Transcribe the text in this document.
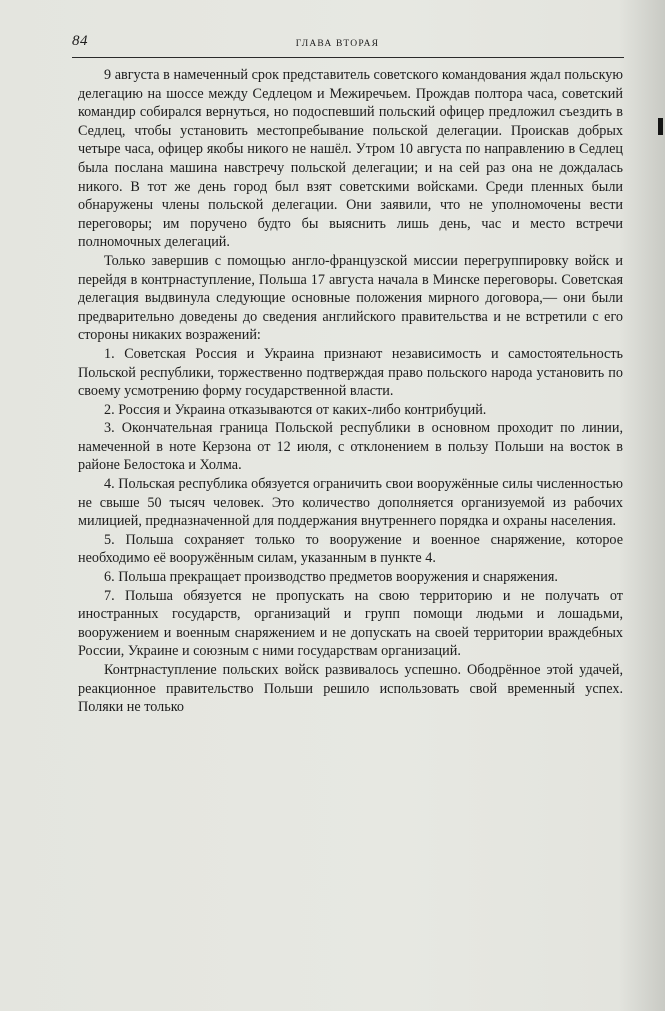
84	ГЛАВА ВТОРАЯ

9 августа в намеченный срок представитель советского командования ждал польскую делегацию на шоссе между Седлецом и Межиречьем. Прождав полтора часа, советский командир собирался вернуться, но подоспевший польский офицер предложил съездить в Седлец, чтобы установить местопребывание польской делегации. Проискав добрых четыре часа, офицер якобы никого не нашёл. Утром 10 августа по направлению в Седлец была послана машина навстречу польской делегации; и на сей раз она не дождалась никого. В тот же день город был взят советскими войсками. Среди пленных были обнаружены члены польской делегации. Они заявили, что не уполномочены вести переговоры; им поручено будто бы выяснить лишь день, час и место встречи полномочных делегаций.

Только завершив с помощью англо-французской миссии перегруппировку войск и перейдя в контрнаступление, Польша 17 августа начала в Минске переговоры. Советская делегация выдвинула следующие основные положения мирного договора,— они были предварительно доведены до сведения английского правительства и не встретили с его стороны никаких возражений:

1. Советская Россия и Украина признают независимость и самостоятельность Польской республики, торжественно подтверждая право польского народа установить по своему усмотрению форму государственной власти.

2. Россия и Украина отказываются от каких-либо контрибуций.

3. Окончательная граница Польской республики в основном проходит по линии, намеченной в ноте Керзона от 12 июля, с отклонением в пользу Польши на восток в районе Белостока и Холма.

4. Польская республика обязуется ограничить свои вооружённые силы численностью не свыше 50 тысяч человек. Это количество дополняется организуемой из рабочих милицией, предназначенной для поддержания внутреннего порядка и охраны населения.

5. Польша сохраняет только то вооружение и военное снаряжение, которое необходимо её вооружённым силам, указанным в пункте 4.

6. Польша прекращает производство предметов вооружения и снаряжения.

7. Польша обязуется не пропускать на свою территорию и не получать от иностранных государств, организаций и групп помощи людьми и лошадьми, вооружением и военным снаряжением и не допускать на своей территории враждебных России, Украине и союзным с ними государствам организаций.

Контрнаступление польских войск развивалось успешно. Ободрённое этой удачей, реакционное правительство Польши решило использовать свой временный успех. Поляки не только
